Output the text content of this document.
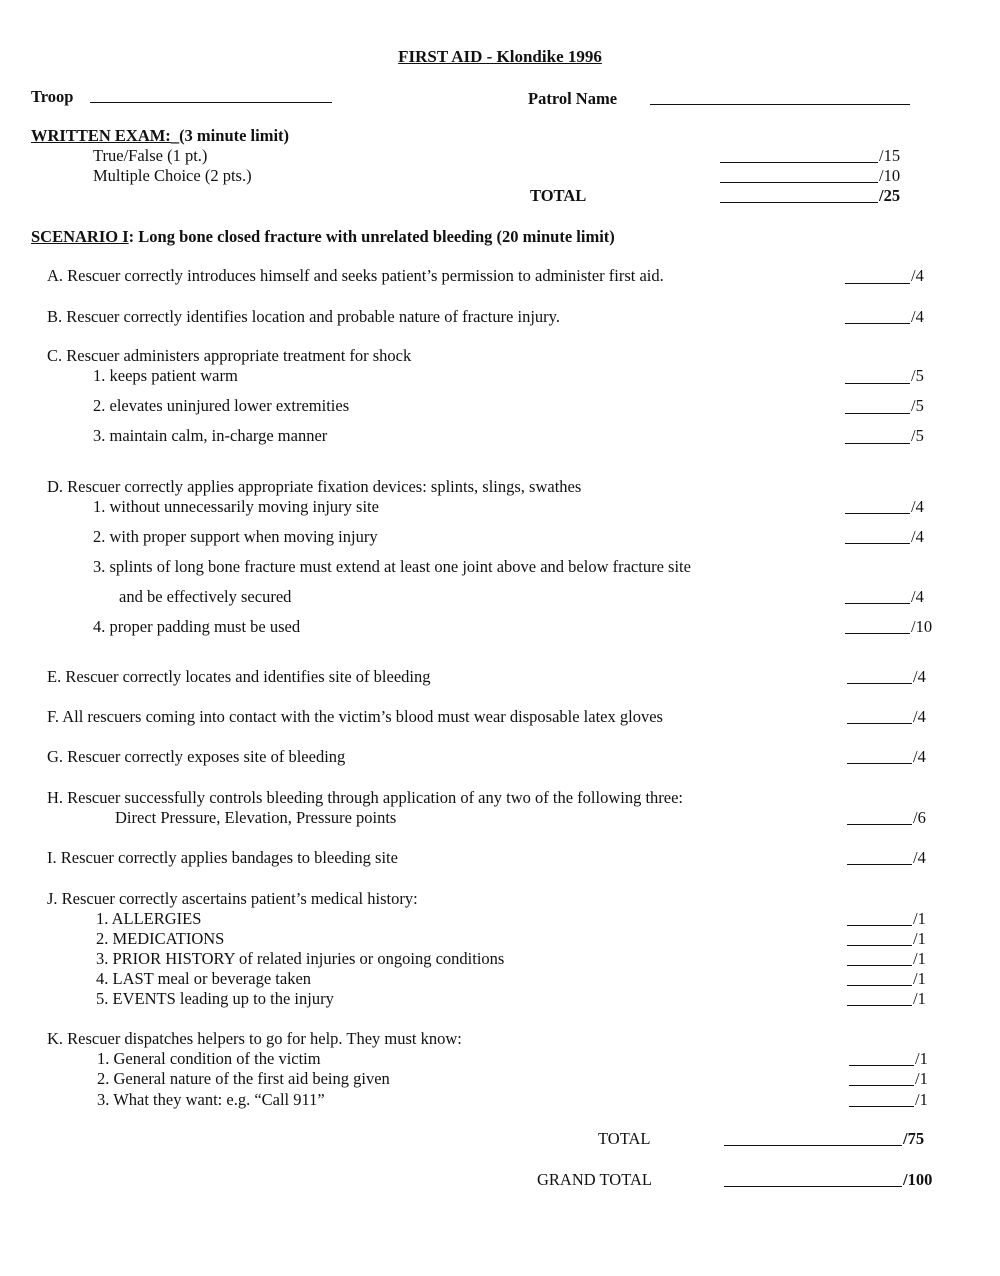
FIRST AID - Klondike 1996
Troop	Patrol Name
WRITTEN EXAM:_(3 minute limit)
True/False (1 pt.)	/15
Multiple Choice (2 pts.)	/10
TOTAL	/25
SCENARIO I: Long bone closed fracture with unrelated bleeding (20 minute limit)
A. Rescuer correctly introduces himself and seeks patient’s permission to administer first aid.	/4
B. Rescuer correctly identifies location and probable nature of fracture injury.	/4
C. Rescuer administers appropriate treatment for shock
1. keeps patient warm	/5
2. elevates uninjured lower extremities	/5
3. maintain calm, in-charge manner	/5
D. Rescuer correctly applies appropriate fixation devices: splints, slings, swathes
1. without unnecessarily moving injury site	/4
2. with proper support when moving injury	/4
3. splints of long bone fracture must extend at least one joint above and below fracture site
and be effectively secured	/4
4. proper padding must be used	/10
E. Rescuer correctly locates and identifies site of bleeding	/4
F. All rescuers coming into contact with the victim’s blood must wear disposable latex gloves	/4
G. Rescuer correctly exposes site of bleeding	/4
H. Rescuer successfully controls bleeding through application of any two of the following three:
Direct Pressure, Elevation, Pressure points	/6
I. Rescuer correctly applies bandages to bleeding site	/4
J. Rescuer correctly ascertains patient’s medical history:
1. ALLERGIES	/1
2. MEDICATIONS	/1
3. PRIOR HISTORY of related injuries or ongoing conditions	/1
4. LAST meal or beverage taken	/1
5. EVENTS leading up to the injury	/1
K. Rescuer dispatches helpers to go for help. They must know:
1. General condition of the victim	/1
2. General nature of the first aid being given	/1
3. What they want: e.g. “Call 911”	/1
TOTAL	/75
GRAND TOTAL	/100
